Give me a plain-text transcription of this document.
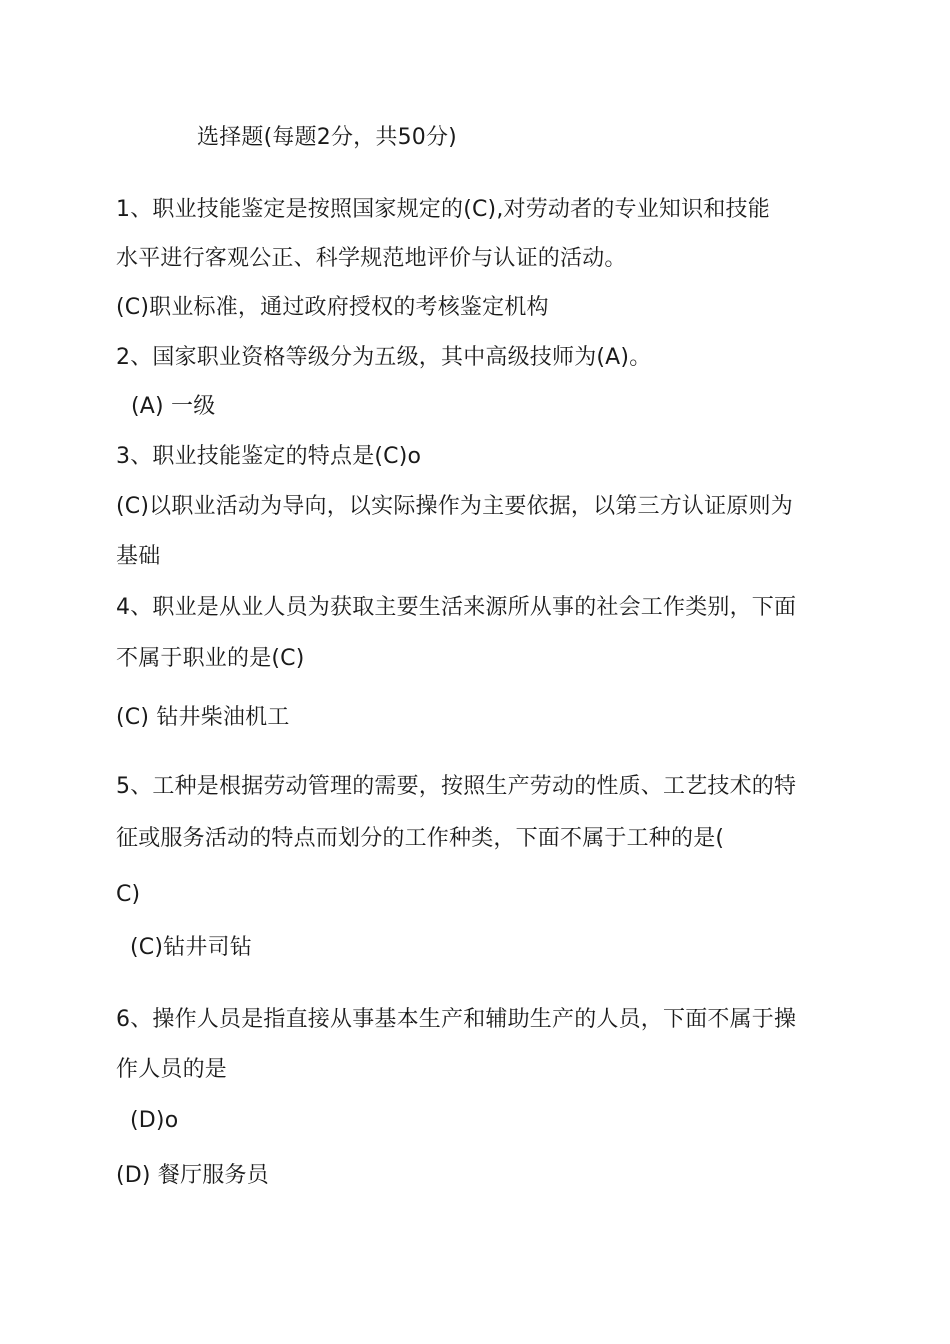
选择题(每题2分，共50分)
1、职业技能鉴定是按照国家规定的(C),对劳动者的专业知识和技能
水平进行客观公正、科学规范地评价与认证的活动。
(C)职业标准，通过政府授权的考核鉴定机构
2、国家职业资格等级分为五级，其中高级技师为(A)。
(A) 一级
3、职业技能鉴定的特点是(C)o
(C)以职业活动为导向，以实际操作为主要依据，以第三方认证原则为
基础
4、职业是从业人员为获取主要生活来源所从事的社会工作类别，下面
不属于职业的是(C)
(C) 钻井柴油机工
5、工种是根据劳动管理的需要，按照生产劳动的性质、工艺技术的特
征或服务活动的特点而划分的工作种类，下面不属于工种的是(
C)
(C)钻井司钻
6、操作人员是指直接从事基本生产和辅助生产的人员，下面不属于操
作人员的是
(D)o
(D) 餐厅服务员
